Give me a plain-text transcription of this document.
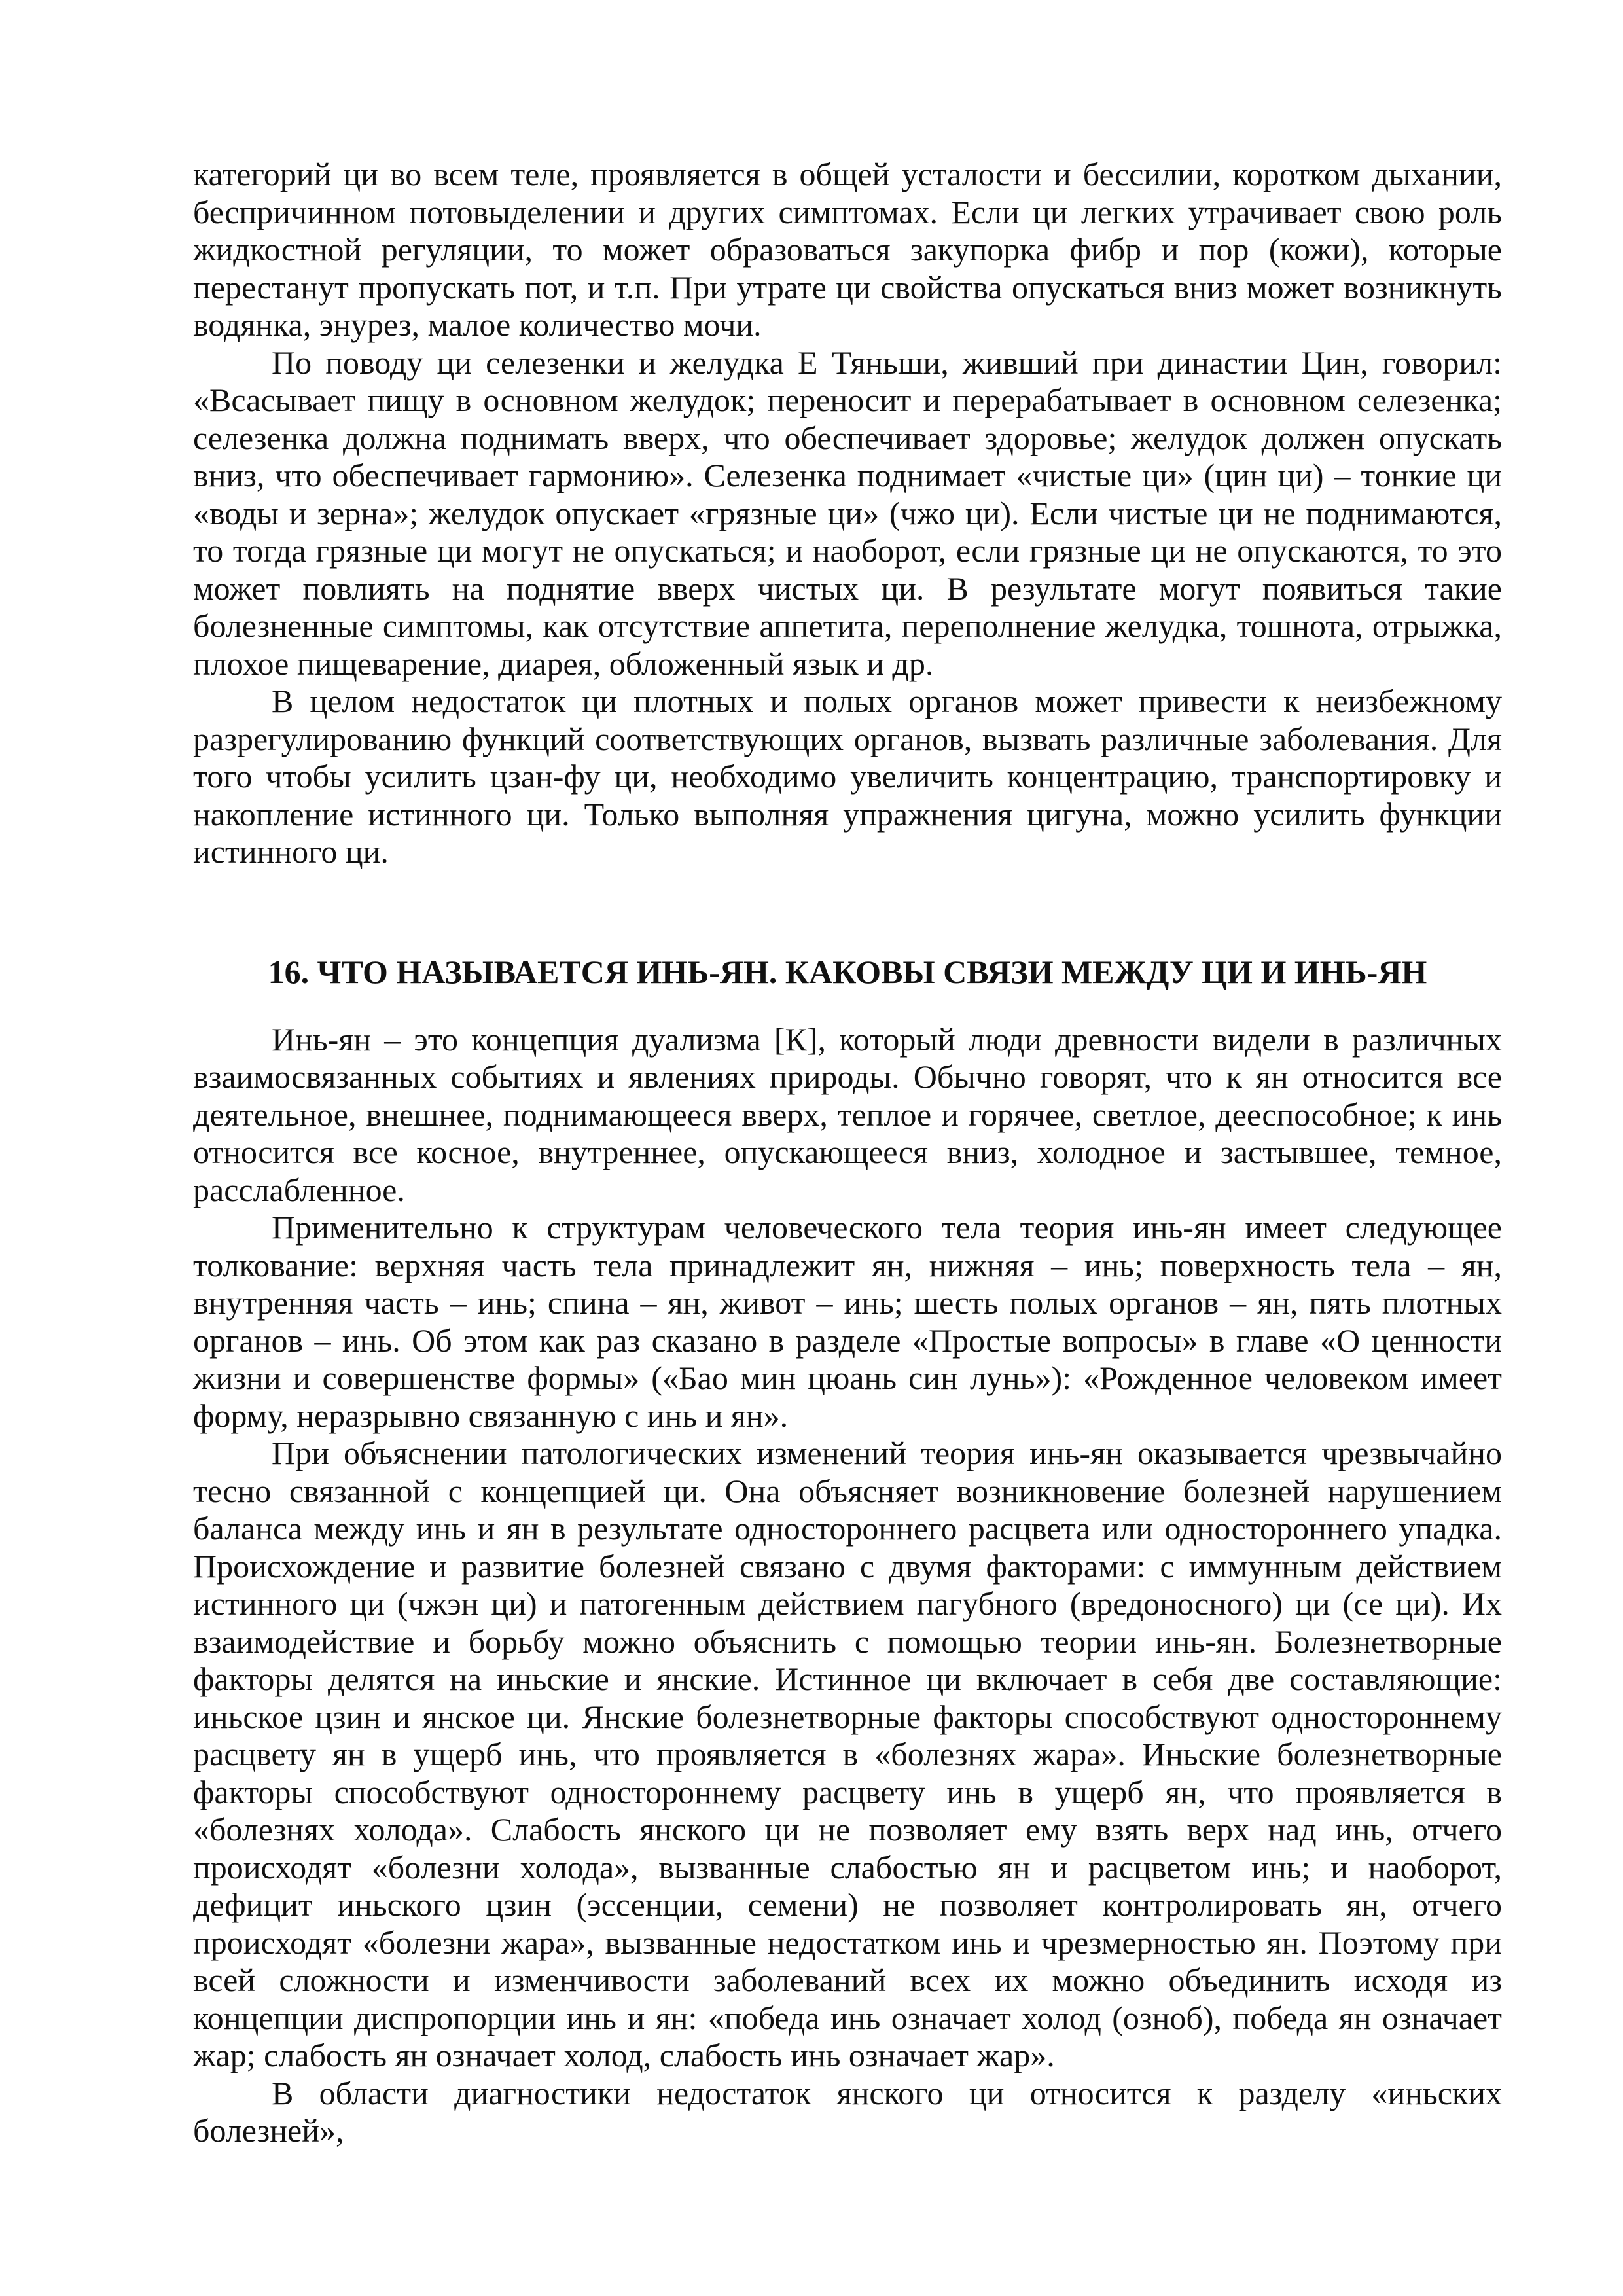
категорий ци во всем теле, проявляется в общей усталости и бессилии, коротком дыхании, беспричинном потовыделении и других симптомах. Если ци легких утрачивает свою роль жидкостной регуляции, то может образоваться закупорка фибр и пор (кожи), которые перестанут пропускать пот, и т.п. При утрате ци свойства опускаться вниз может возникнуть водянка, энурез, малое количество мочи.

По поводу ци селезенки и желудка Е Тяньши, живший при династии Цин, говорил: «Всасывает пищу в основном желудок; переносит и перерабатывает в основном селезенка; селезенка должна поднимать вверх, что обеспечивает здоровье; желудок должен опускать вниз, что обеспечивает гармонию». Селезенка поднимает «чистые ци» (цин ци) – тонкие ци «воды и зерна»; желудок опускает «грязные ци» (чжо ци). Если чистые ци не поднимаются, то тогда грязные ци могут не опускаться; и наоборот, если грязные ци не опускаются, то это может повлиять на поднятие вверх чистых ци. В результате могут появиться такие болезненные симптомы, как отсутствие аппетита, переполнение желудка, тошнота, отрыжка, плохое пищеварение, диарея, обложенный язык и др.

В целом недостаток ци плотных и полых органов может привести к неизбежному разрегулированию функций соответствующих органов, вызвать различные заболевания. Для того чтобы усилить цзан-фу ци, необходимо увеличить концентрацию, транспортировку и накопление истинного ци. Только выполняя упражнения цигуна, можно усилить функции истинного ци.

16. ЧТО НАЗЫВАЕТСЯ ИНЬ-ЯН. КАКОВЫ СВЯЗИ МЕЖДУ ЦИ И ИНЬ-ЯН

Инь-ян – это концепция дуализма [К], который люди древности видели в различных взаимосвязанных событиях и явлениях природы. Обычно говорят, что к ян относится все деятельное, внешнее, поднимающееся вверх, теплое и горячее, светлое, дееспособное; к инь относится все косное, внутреннее, опускающееся вниз, холодное и застывшее, темное, расслабленное.

Применительно к структурам человеческого тела теория инь-ян имеет следующее толкование: верхняя часть тела принадлежит ян, нижняя – инь; поверхность тела – ян, внутренняя часть – инь; спина – ян, живот – инь; шесть полых органов – ян, пять плотных органов – инь. Об этом как раз сказано в разделе «Простые вопросы» в главе «О ценности жизни и совершенстве формы» («Бао мин цюань син лунь»): «Рожденное человеком имеет форму, неразрывно связанную с инь и ян».

При объяснении патологических изменений теория инь-ян оказывается чрезвычайно тесно связанной с концепцией ци. Она объясняет возникновение болезней нарушением баланса между инь и ян в результате одностороннего расцвета или одностороннего упадка. Происхождение и развитие болезней связано с двумя факторами: с иммунным действием истинного ци (чжэн ци) и патогенным действием пагубного (вредоносного) ци (се ци). Их взаимодействие и борьбу можно объяснить с помощью теории инь-ян. Болезнетворные факторы делятся на иньские и янские. Истинное ци включает в себя две составляющие: иньское цзин и янское ци. Янские болезнетворные факторы способствуют одностороннему расцвету ян в ущерб инь, что проявляется в «болезнях жара». Иньские болезнетворные факторы способствуют одностороннему расцвету инь в ущерб ян, что проявляется в «болезнях холода». Слабость янского ци не позволяет ему взять верх над инь, отчего происходят «болезни холода», вызванные слабостью ян и расцветом инь; и наоборот, дефицит иньского цзин (эссенции, семени) не позволяет контролировать ян, отчего происходят «болезни жара», вызванные недостатком инь и чрезмерностью ян. Поэтому при всей сложности и изменчивости заболеваний всех их можно объединить исходя из концепции диспропорции инь и ян: «победа инь означает холод (озноб), победа ян означает жар; слабость ян означает холод, слабость инь означает жар».

В области диагностики недостаток янского ци относится к разделу «иньских болезней»,
